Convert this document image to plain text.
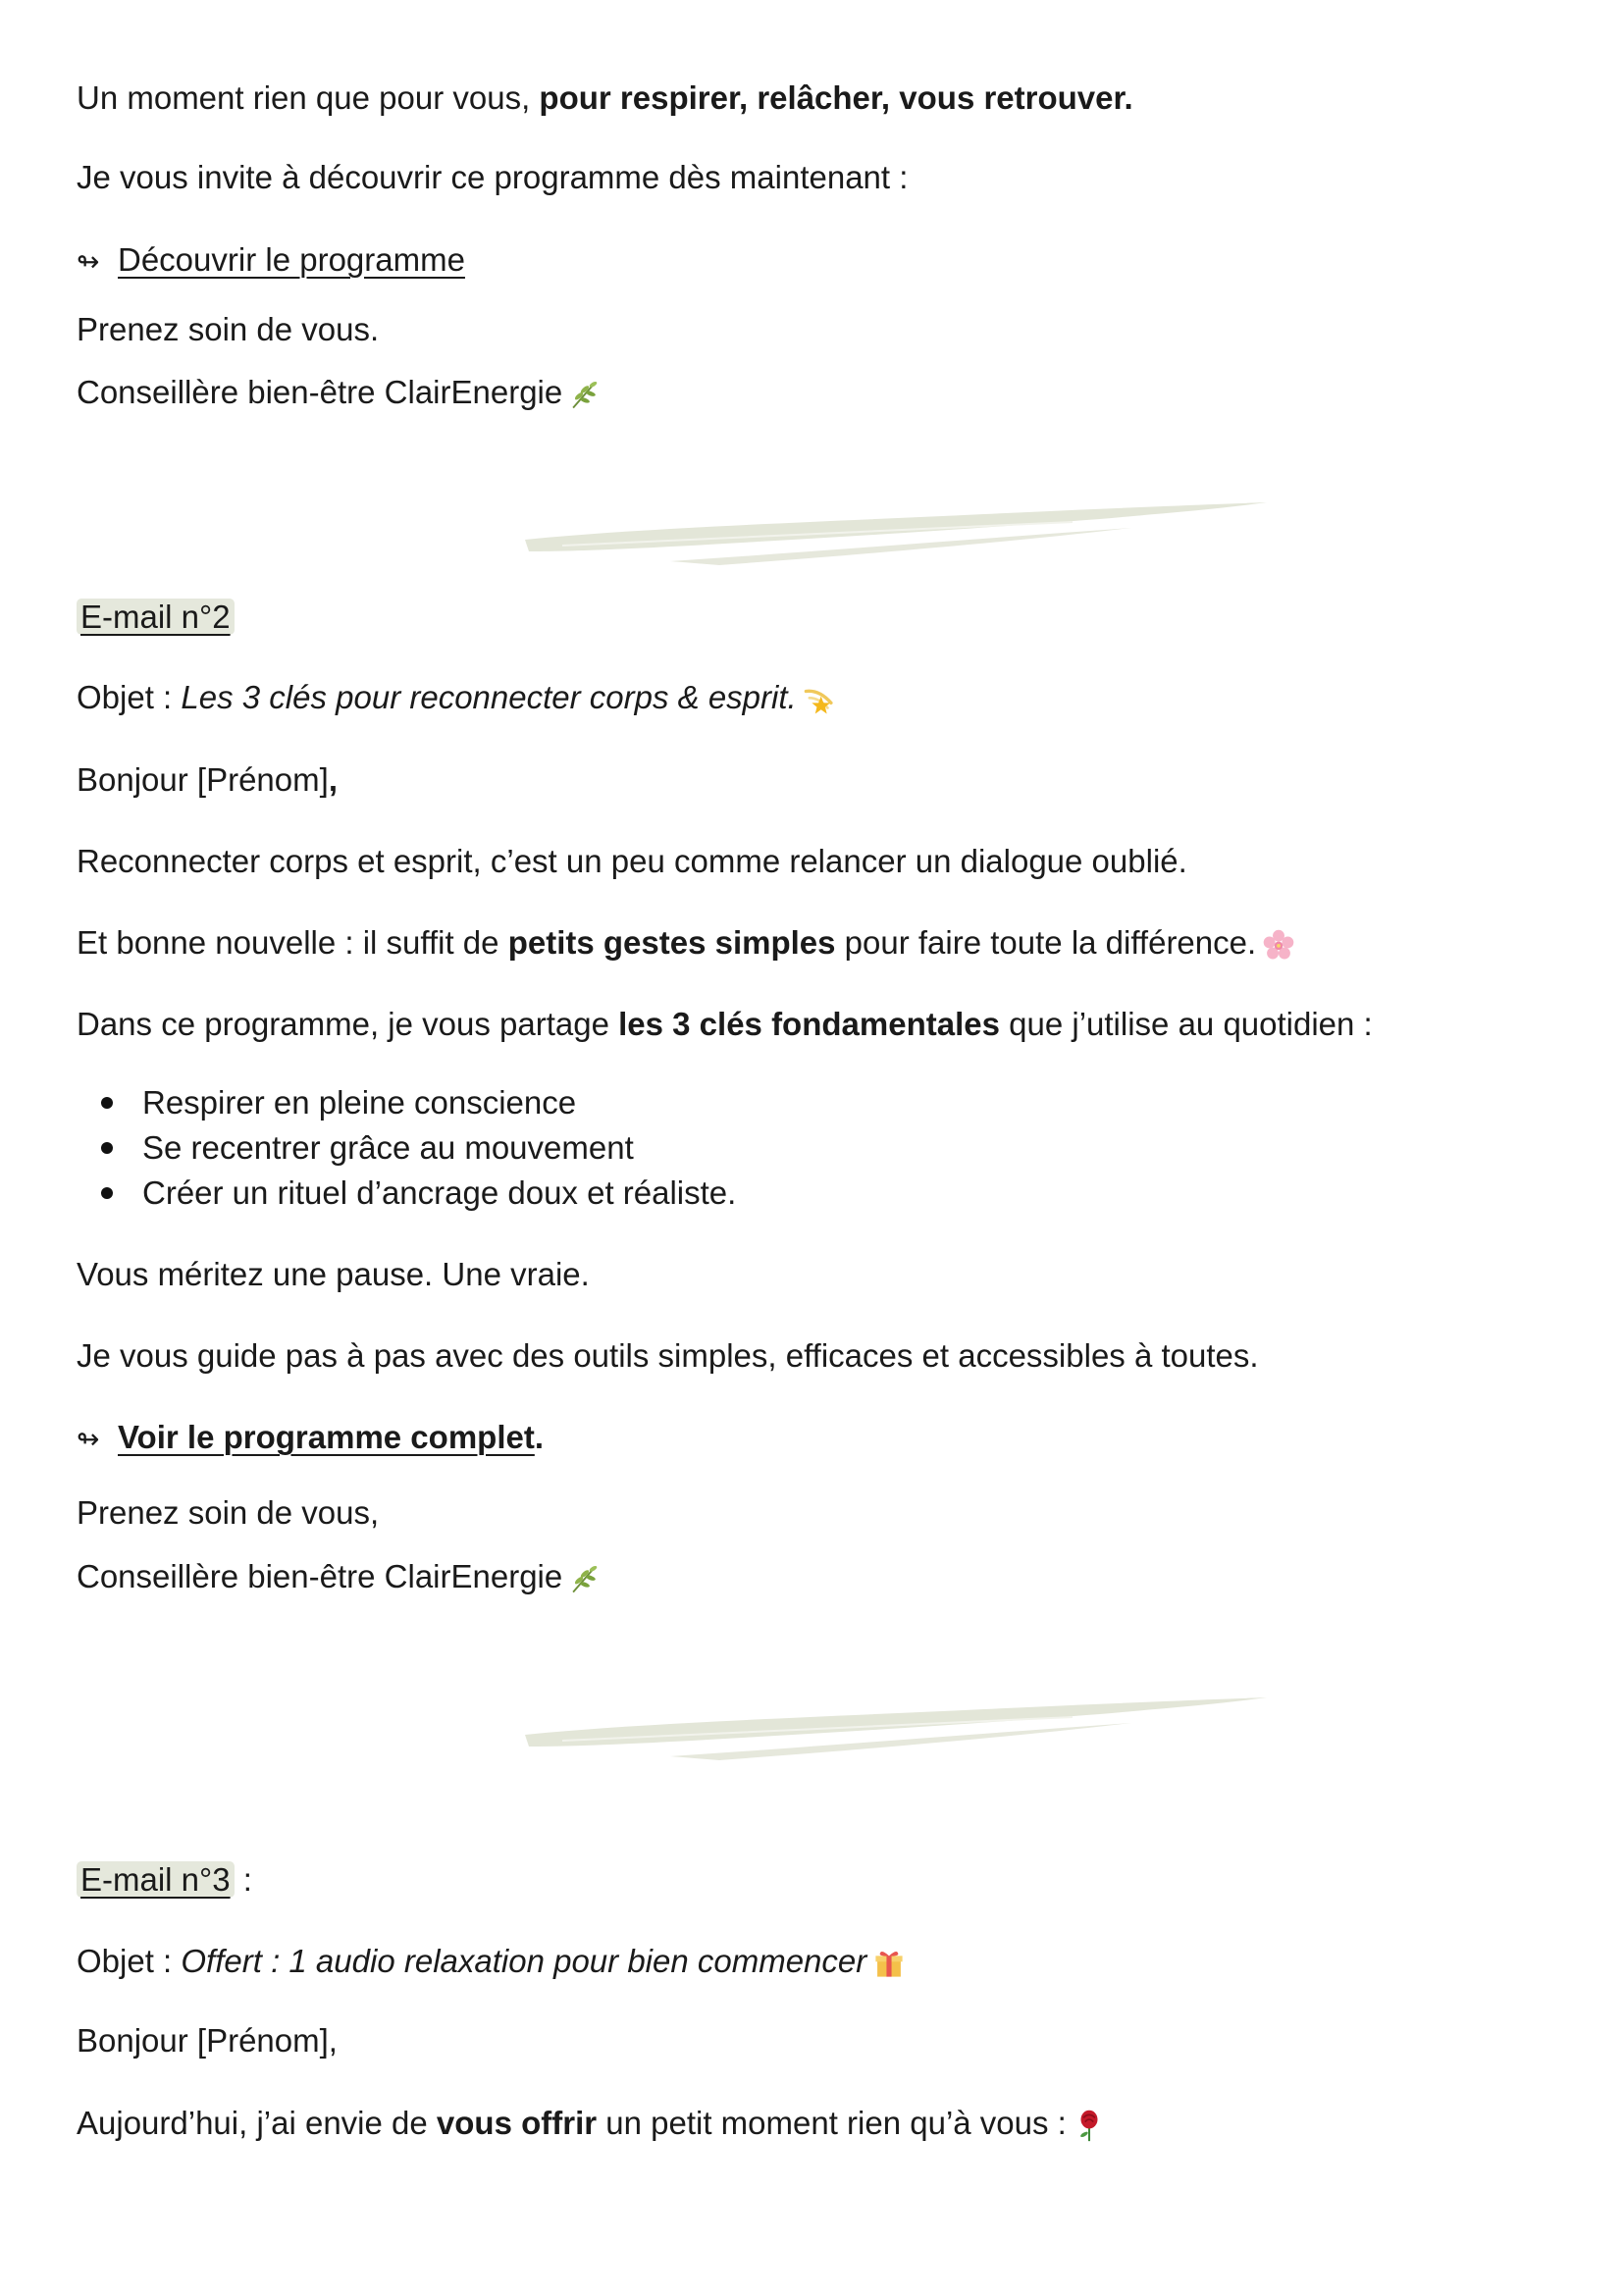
Un moment rien que pour vous, pour respirer, relâcher, vous retrouver.
Je vous invite à découvrir ce programme dès maintenant :
↬ Découvrir le programme
Prenez soin de vous.
Conseillère bien-être ClairEnergie
E-mail n°2
Objet : Les 3 clés pour reconnecter corps & esprit.
Bonjour [Prénom],
Reconnecter corps et esprit, c’est un peu comme relancer un dialogue oublié.
Et bonne nouvelle : il suffit de petits gestes simples pour faire toute la différence.
Dans ce programme, je vous partage les 3 clés fondamentales que j’utilise au quotidien :
Respirer en pleine conscience
Se recentrer grâce au mouvement
Créer un rituel d’ancrage doux et réaliste.
Vous méritez une pause. Une vraie.
Je vous guide pas à pas avec des outils simples, efficaces et accessibles à toutes.
↬ Voir le programme complet.
Prenez soin de vous,
Conseillère bien-être ClairEnergie
E-mail n°3 :
Objet : Offert : 1 audio relaxation pour bien commencer
Bonjour [Prénom],
Aujourd’hui, j’ai envie de vous offrir un petit moment rien qu’à vous :
